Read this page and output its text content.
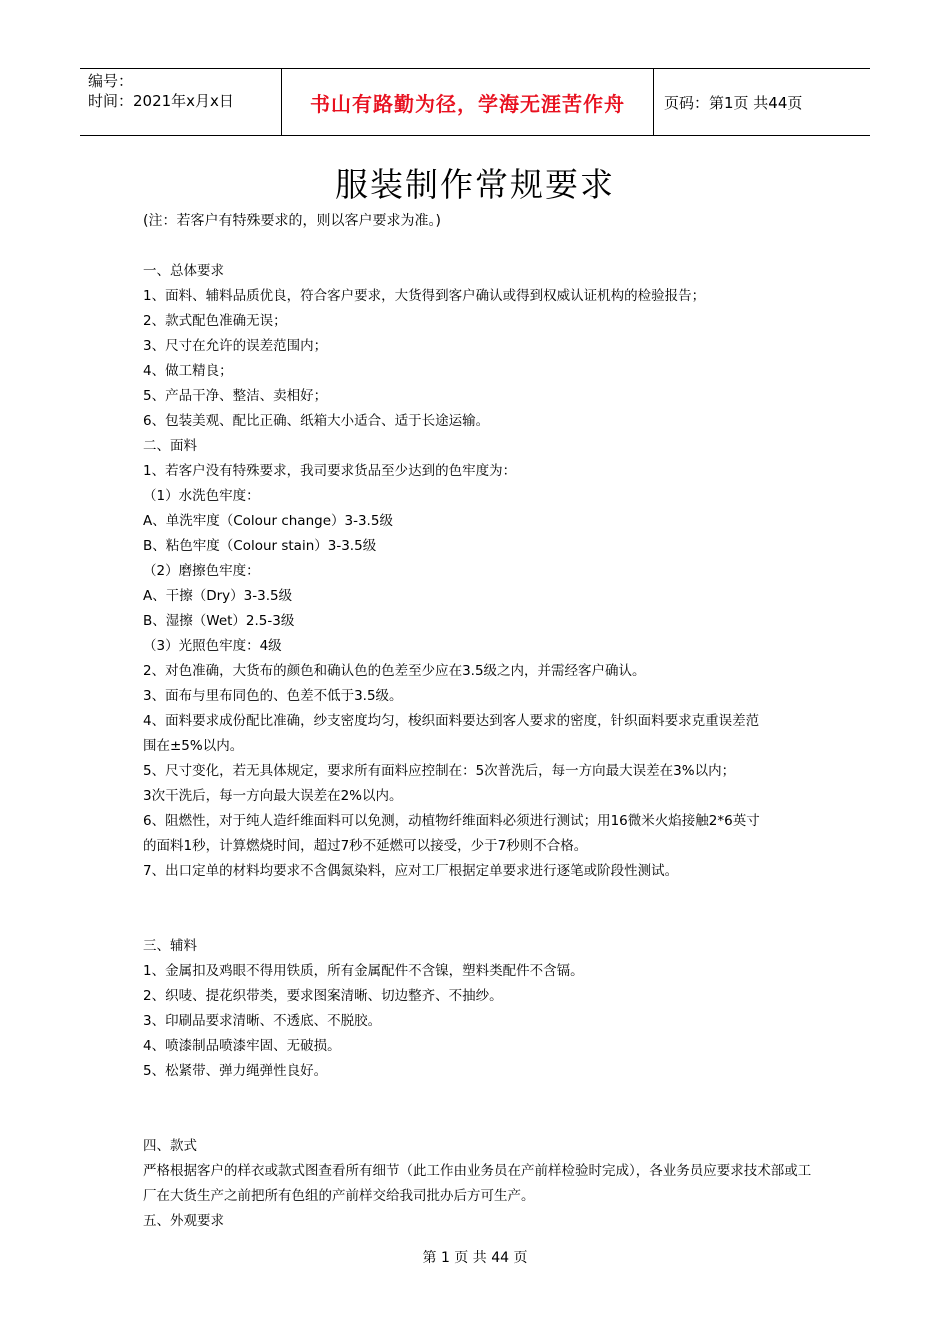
编号：
时间：2021年x月x日	书山有路勤为径，学海无涯苦作舟	页码：第1页 共44页
服装制作常规要求
(注：若客户有特殊要求的，则以客户要求为准。)
一、总体要求
1、面料、辅料品质优良，符合客户要求，大货得到客户确认或得到权威认证机构的检验报告；
2、款式配色准确无误；
3、尺寸在允许的误差范围内；
4、做工精良；
5、产品干净、整洁、卖相好；
6、包装美观、配比正确、纸箱大小适合、适于长途运输。
二、面料
1、若客户没有特殊要求，我司要求货品至少达到的色牢度为：
（1）水洗色牢度：
A、单洗牢度（Colour change）3-3.5级
B、粘色牢度（Colour stain）3-3.5级
（2）磨擦色牢度：
A、干擦（Dry）3-3.5级
B、湿擦（Wet）2.5-3级
（3）光照色牢度：4级
2、对色准确，大货布的颜色和确认色的色差至少应在3.5级之内，并需经客户确认。
3、面布与里布同色的、色差不低于3.5级。
4、面料要求成份配比准确，纱支密度均匀，梭织面料要达到客人要求的密度，针织面料要求克重误差范
围在±5%以内。
5、尺寸变化，若无具体规定，要求所有面料应控制在：5次普洗后，每一方向最大误差在3%以内；
3次干洗后，每一方向最大误差在2%以内。
6、阻燃性，对于纯人造纤维面料可以免测，动植物纤维面料必须进行测试；用16微米火焰接触2*6英寸
的面料1秒，计算燃烧时间，超过7秒不延燃可以接受，少于7秒则不合格。
7、出口定单的材料均要求不含偶氮染料，应对工厂根据定单要求进行逐笔或阶段性测试。
三、辅料
1、金属扣及鸡眼不得用铁质，所有金属配件不含镍，塑料类配件不含镉。
2、织唛、提花织带类，要求图案清晰、切边整齐、不抽纱。
3、印刷品要求清晰、不透底、不脱胶。
4、喷漆制品喷漆牢固、无破损。
5、松紧带、弹力绳弹性良好。
四、款式
严格根据客户的样衣或款式图查看所有细节（此工作由业务员在产前样检验时完成），各业务员应要求技术部或工厂在大货生产之前把所有色组的产前样交给我司批办后方可生产。
五、外观要求
第 1 页 共 44 页
